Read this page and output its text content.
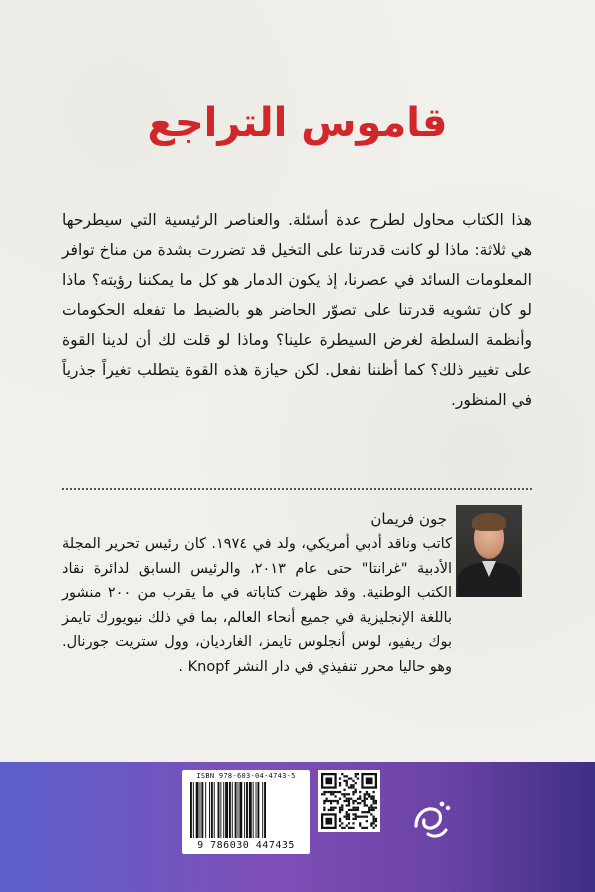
قاموس التراجع

هذا الكتاب محاول لطرح عدة أسئلة. والعناصر الرئيسية التي سيطرحها هي ثلاثة: ماذا لو كانت قدرتنا على التخيل قد تضررت بشدة من مناخ توافر المعلومات السائد في عصرنا، إذ يكون الدمار هو كل ما يمكننا رؤيته؟ ماذا لو كان تشويه قدرتنا على تصوّر الحاضر هو بالضبط ما تفعله الحكومات وأنظمة السلطة لغرض السيطرة علينا؟ وماذا لو قلت لك أن لدينا القوة على تغيير ذلك؟ كما أظننا نفعل. لكن حيازة هذه القوة يتطلب تغيراً جذرياً في المنظور.

جون فريمان

كاتب وناقد أدبي أمريكي، ولد في ١٩٧٤. كان رئيس تحرير المجلة الأدبية "غرانتا" حتى عام ٢٠١٣، والرئيس السابق لدائرة نقاد الكتب الوطنية. وقد ظهرت كتاباته في ما يقرب من ٢٠٠ منشور باللغة الإنجليزية في جميع أنحاء العالم، بما في ذلك نيويورك تايمز بوك ريفيو، لوس أنجلوس تايمز، الغارديان، وول ستريت جورنال. وهو حاليا محرر تنفيذي في دار النشر Knopf .

ISBN 978-603-04-4743-5
9 786030 447435
